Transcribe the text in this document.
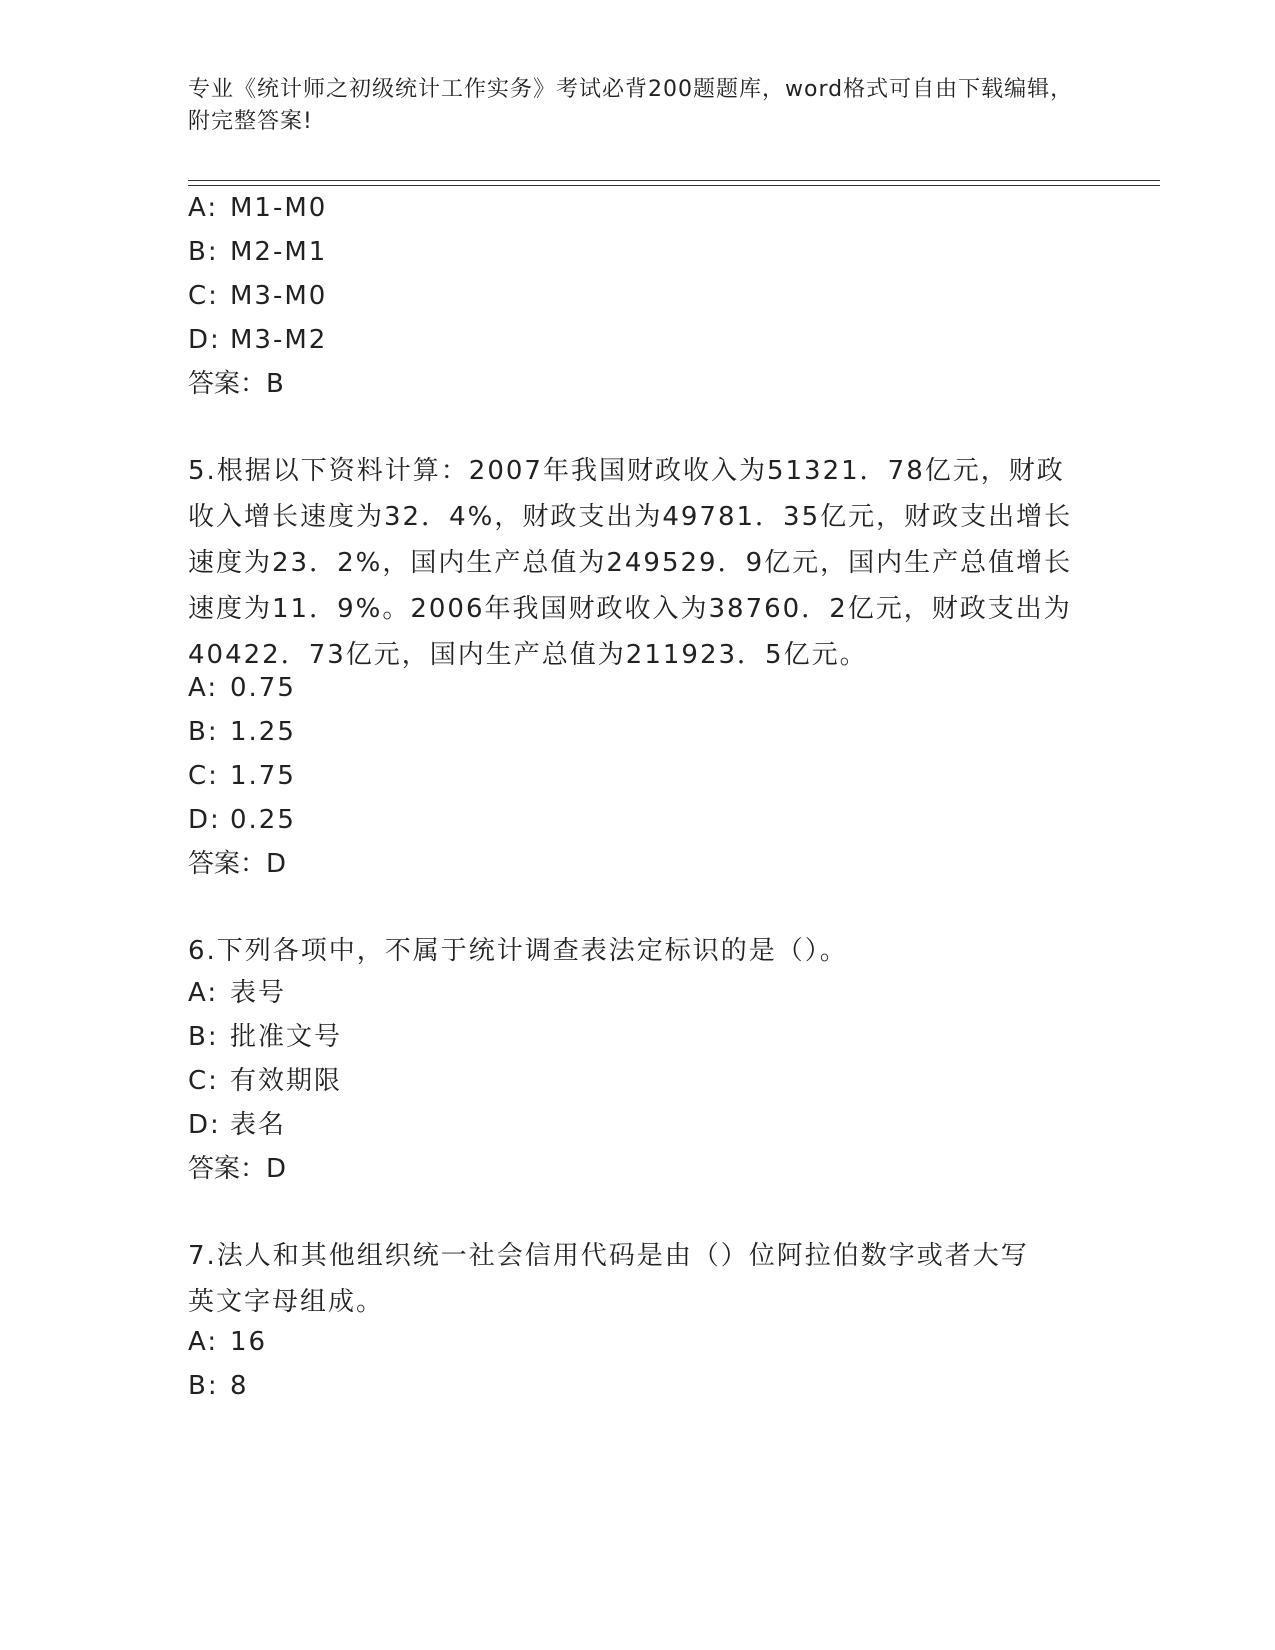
专业《统计师之初级统计工作实务》考试必背200题题库，word格式可自由下载编辑，附完整答案!
A: M1-M0
B: M2-M1
C: M3-M0
D: M3-M2
答案：B
5.根据以下资料计算：2007年我国财政收入为51321．78亿元，财政
收入增长速度为32．4%，财政支出为49781．35亿元，财政支出增长
速度为23．2%，国内生产总值为249529．9亿元，国内生产总值增长
速度为11．9%。2006年我国财政收入为38760．2亿元，财政支出为
40422．73亿元，国内生产总值为211923．5亿元。
A: 0.75
B: 1.25
C: 1.75
D: 0.25
答案：D
6.下列各项中，不属于统计调查表法定标识的是（）。
A: 表号
B: 批准文号
C: 有效期限
D: 表名
答案：D
7.法人和其他组织统一社会信用代码是由（）位阿拉伯数字或者大写
英文字母组成。
A: 16
B: 8
